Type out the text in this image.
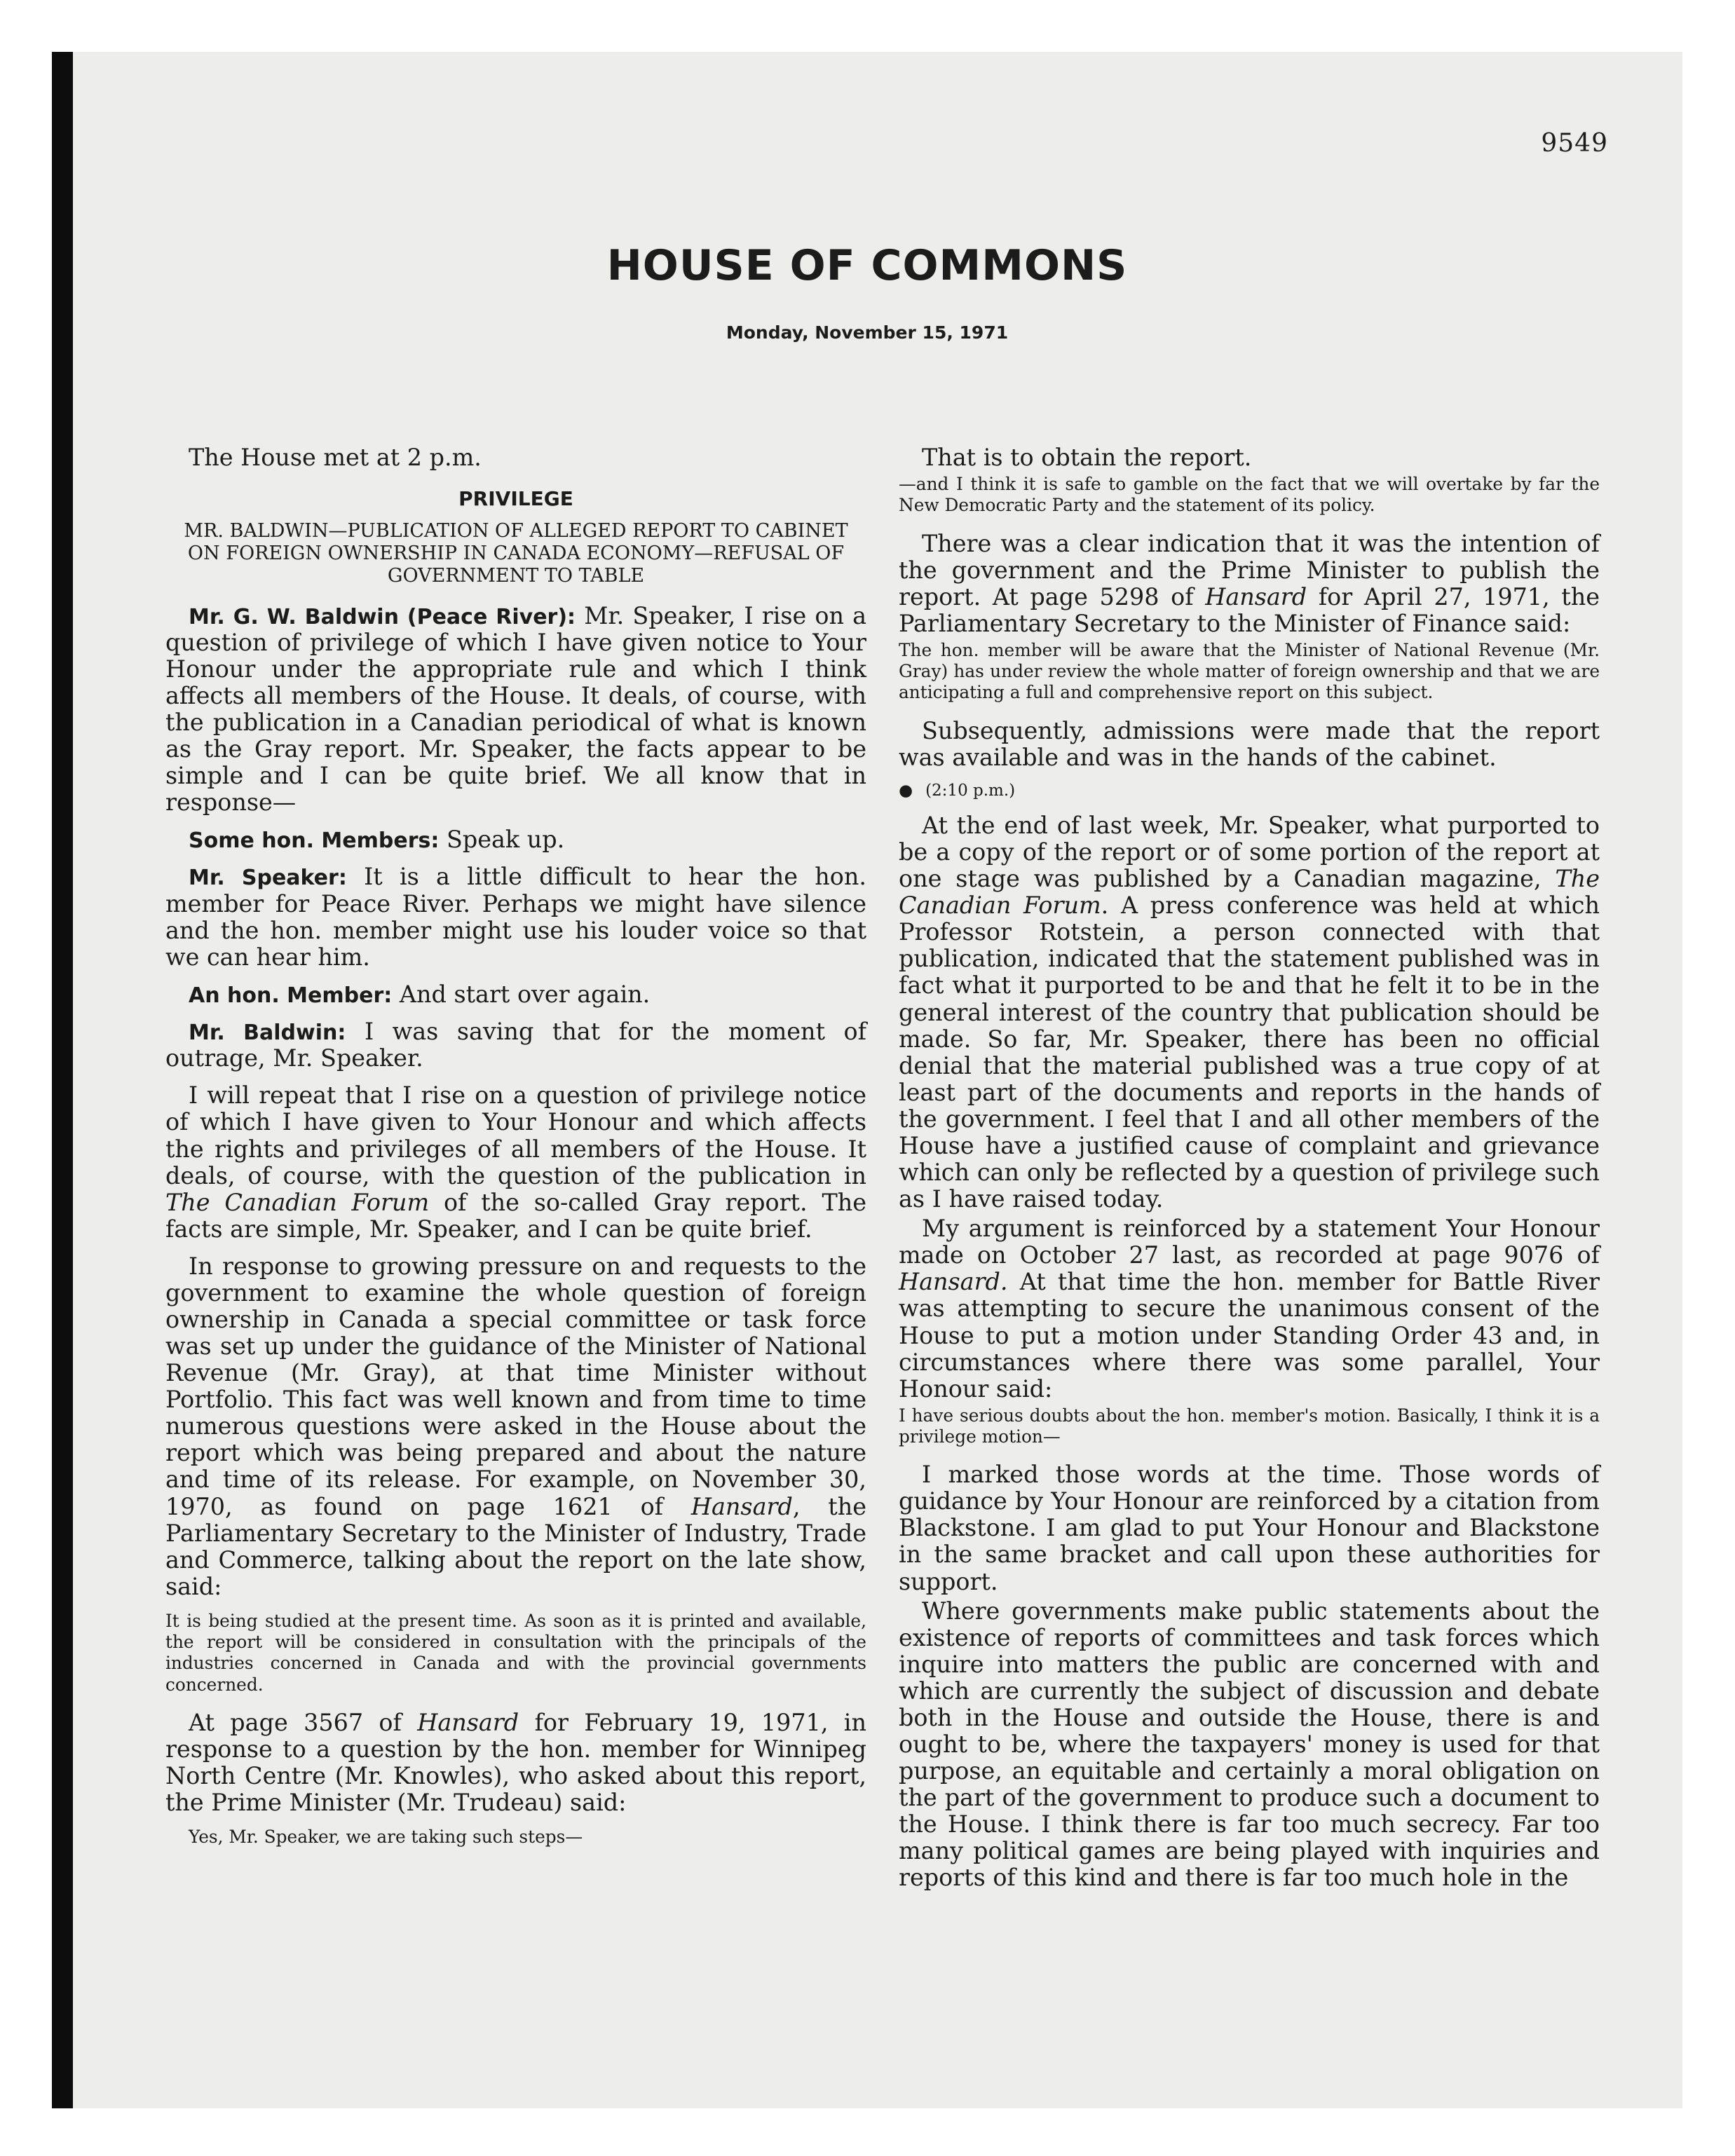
9549
HOUSE OF COMMONS
Monday, November 15, 1971

The House met at 2 p.m.

PRIVILEGE
MR. BALDWIN—PUBLICATION OF ALLEGED REPORT TO CABINET ON FOREIGN OWNERSHIP IN CANADA ECONOMY—REFUSAL OF GOVERNMENT TO TABLE

Mr. G. W. Baldwin (Peace River): Mr. Speaker, I rise on a question of privilege of which I have given notice to Your Honour under the appropriate rule and which I think affects all members of the House. It deals, of course, with the publication in a Canadian periodical of what is known as the Gray report. Mr. Speaker, the facts appear to be simple and I can be quite brief. We all know that in response—

Some hon. Members: Speak up.

Mr. Speaker: It is a little difficult to hear the hon. member for Peace River. Perhaps we might have silence and the hon. member might use his louder voice so that we can hear him.

An hon. Member: And start over again.

Mr. Baldwin: I was saving that for the moment of outrage, Mr. Speaker.

I will repeat that I rise on a question of privilege notice of which I have given to Your Honour and which affects the rights and privileges of all members of the House. It deals, of course, with the question of the publication in The Canadian Forum of the so-called Gray report. The facts are simple, Mr. Speaker, and I can be quite brief.

In response to growing pressure on and requests to the government to examine the whole question of foreign ownership in Canada a special committee or task force was set up under the guidance of the Minister of National Revenue (Mr. Gray), at that time Minister without Portfolio. This fact was well known and from time to time numerous questions were asked in the House about the report which was being prepared and about the nature and time of its release. For example, on November 30, 1970, as found on page 1621 of Hansard, the Parliamentary Secretary to the Minister of Industry, Trade and Commerce, talking about the report on the late show, said:

It is being studied at the present time. As soon as it is printed and available, the report will be considered in consultation with the principals of the industries concerned in Canada and with the provincial governments concerned.

At page 3567 of Hansard for February 19, 1971, in response to a question by the hon. member for Winnipeg North Centre (Mr. Knowles), who asked about this report, the Prime Minister (Mr. Trudeau) said:

Yes, Mr. Speaker, we are taking such steps—

That is to obtain the report.

—and I think it is safe to gamble on the fact that we will overtake by far the New Democratic Party and the statement of its policy.

There was a clear indication that it was the intention of the government and the Prime Minister to publish the report. At page 5298 of Hansard for April 27, 1971, the Parliamentary Secretary to the Minister of Finance said:

The hon. member will be aware that the Minister of National Revenue (Mr. Gray) has under review the whole matter of foreign ownership and that we are anticipating a full and comprehensive report on this subject.

Subsequently, admissions were made that the report was available and was in the hands of the cabinet.

● (2:10 p.m.)

At the end of last week, Mr. Speaker, what purported to be a copy of the report or of some portion of the report at one stage was published by a Canadian magazine, The Canadian Forum. A press conference was held at which Professor Rotstein, a person connected with that publication, indicated that the statement published was in fact what it purported to be and that he felt it to be in the general interest of the country that publication should be made. So far, Mr. Speaker, there has been no official denial that the material published was a true copy of at least part of the documents and reports in the hands of the government. I feel that I and all other members of the House have a justified cause of complaint and grievance which can only be reflected by a question of privilege such as I have raised today.

My argument is reinforced by a statement Your Honour made on October 27 last, as recorded at page 9076 of Hansard. At that time the hon. member for Battle River was attempting to secure the unanimous consent of the House to put a motion under Standing Order 43 and, in circumstances where there was some parallel, Your Honour said:

I have serious doubts about the hon. member's motion. Basically, I think it is a privilege motion—

I marked those words at the time. Those words of guidance by Your Honour are reinforced by a citation from Blackstone. I am glad to put Your Honour and Blackstone in the same bracket and call upon these authorities for support.

Where governments make public statements about the existence of reports of committees and task forces which inquire into matters the public are concerned with and which are currently the subject of discussion and debate both in the House and outside the House, there is and ought to be, where the taxpayers' money is used for that purpose, an equitable and certainly a moral obligation on the part of the government to produce such a document to the House. I think there is far too much secrecy. Far too many political games are being played with inquiries and reports of this kind and there is far too much hole in the
